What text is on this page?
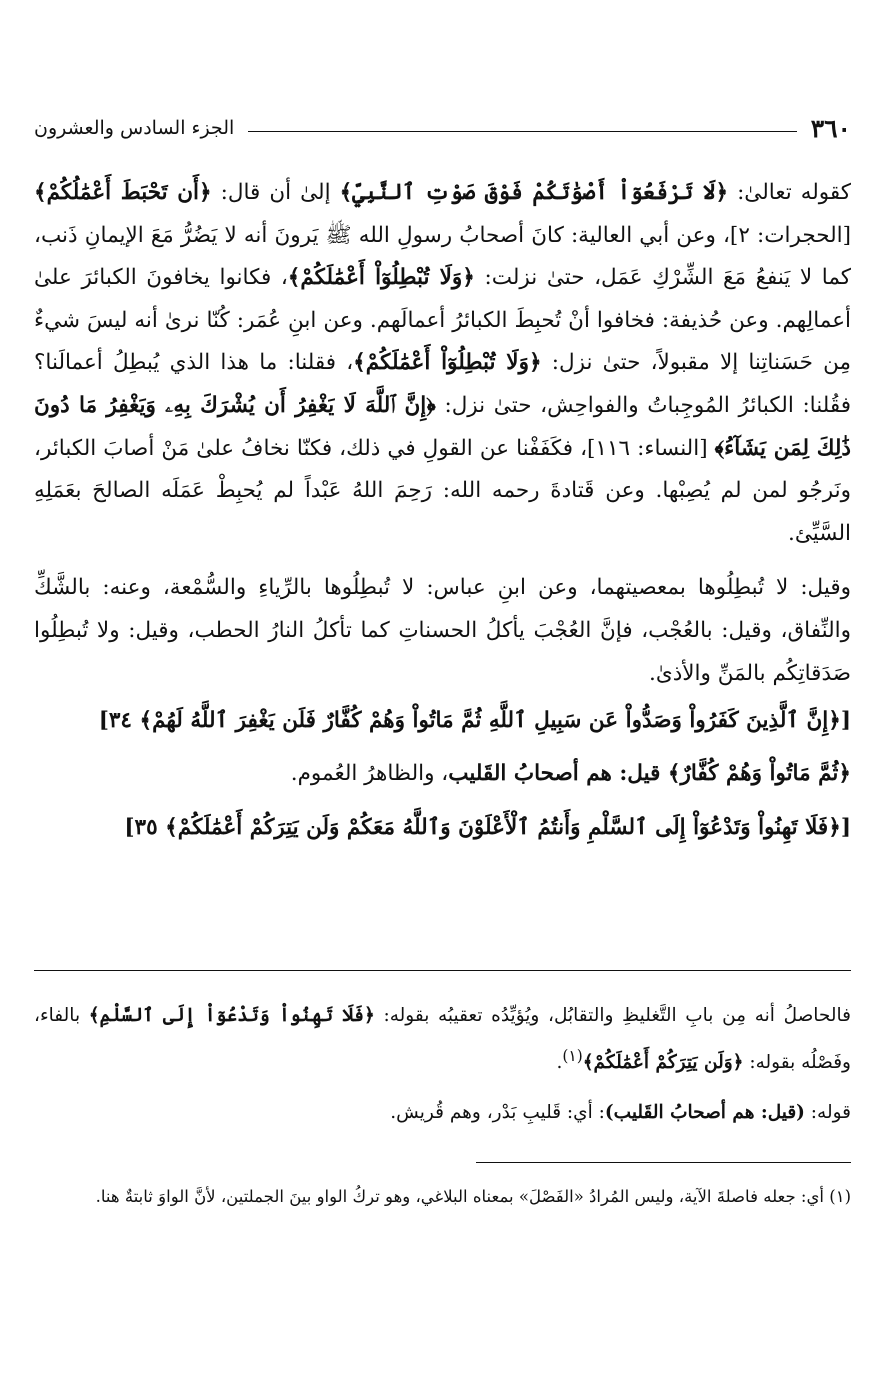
٣٦٠
الجزء السادس والعشرون

كقوله تعالىٰ: ﴿لَا تَرْفَعُوٓاْ أَصْوَٰتَكُمْ فَوْقَ صَوْتِ ٱلنَّبِيِّ﴾ إلىٰ أن قال: ﴿أَن تَحْبَطَ أَعْمَٰلُكُمْ﴾ [الحجرات: ٢]، وعن أبي العالية: كانَ أصحابُ رسولِ الله ﷺ يَرونَ أنه لا يَضُرُّ مَعَ الإيمانِ ذَنب، كما لا يَنفعُ مَعَ الشِّرْكِ عَمَل، حتىٰ نزلت: ﴿وَلَا تُبْطِلُوٓاْ أَعْمَٰلَكُمْ﴾، فكانوا يخافونَ الكبائرَ علىٰ أعمالِهم. وعن حُذيفة: فخافوا أنْ تُحبِطَ الكبائرُ أعمالَهم. وعن ابنِ عُمَر: كُنّا نرىٰ أنه ليسَ شيءٌ مِن حَسَناتِنا إلا مقبولاً، حتىٰ نزل: ﴿وَلَا تُبْطِلُوٓاْ أَعْمَٰلَكُمْ﴾، فقلنا: ما هذا الذي يُبطِلُ أعمالَنا؟ فقُلنا: الكبائرُ المُوجِباتُ والفواحِش، حتىٰ نزل: ﴿إِنَّ ٱللَّهَ لَا يَغْفِرُ أَن يُشْرَكَ بِهِۦ وَيَغْفِرُ مَا دُونَ ذَٰلِكَ لِمَن يَشَآءُ﴾ [النساء: ١١٦]، فكَفَفْنا عن القولِ في ذلك، فكنّا نخافُ علىٰ مَنْ أصابَ الكبائر، ونَرجُو لمن لم يُصِبْها. وعن قَتادةَ رحمه الله: رَحِمَ اللهُ عَبْداً لم يُحبِطْ عَمَلَه الصالحَ بعَمَلِهِ السَّيِّئ.

وقيل: لا تُبطِلُوها بمعصيتهما، وعن ابنِ عباس: لا تُبطِلُوها بالرِّياءِ والسُّمْعة، وعنه: بالشَّكِّ والنِّفاق، وقيل: بالعُجْب، فإنَّ العُجْبَ يأكلُ الحسناتِ كما تأكلُ النارُ الحطب، وقيل: ولا تُبطِلُوا صَدَقاتِكُم بالمَنِّ والأذىٰ.

[﴿إِنَّ ٱلَّذِينَ كَفَرُواْ وَصَدُّواْ عَن سَبِيلِ ٱللَّهِ ثُمَّ مَاتُواْ وَهُمْ كُفَّارٌ فَلَن يَغْفِرَ ٱللَّهُ لَهُمْ﴾ ٣٤]

﴿ثُمَّ مَاتُواْ وَهُمْ كُفَّارٌ﴾ قيل: هم أصحابُ القَليب، والظاهرُ العُموم.

[﴿فَلَا تَهِنُواْ وَتَدْعُوٓاْ إِلَى ٱلسَّلْمِ وَأَنتُمُ ٱلْأَعْلَوْنَ وَٱللَّهُ مَعَكُمْ وَلَن يَتِرَكُمْ أَعْمَٰلَكُمْ﴾ ٣٥]

فالحاصلُ أنه مِن بابِ التَّغليظِ والتقابُل، ويُؤيِّدُه تعقيبُه بقوله: ﴿فَلَا تَهِنُواْ وَتَدْعُوٓاْ إِلَى ٱلسَّلْمِ﴾ بالفاء، وفَصْلُه بقوله: ﴿وَلَن يَتِرَكُمْ أَعْمَٰلَكُمْ﴾$^{(١)}$.

قوله: (قيل: هم أصحابُ القَليب): أي: قَليبِ بَدْر، وهم قُريش.

(١) أي: جعله فاصلةَ الآية، وليس المُرادُ «الفَصْلَ» بمعناه البلاغي، وهو تركُ الواو بينَ الجملتين، لأنَّ الواوَ ثابتةٌ هنا.
